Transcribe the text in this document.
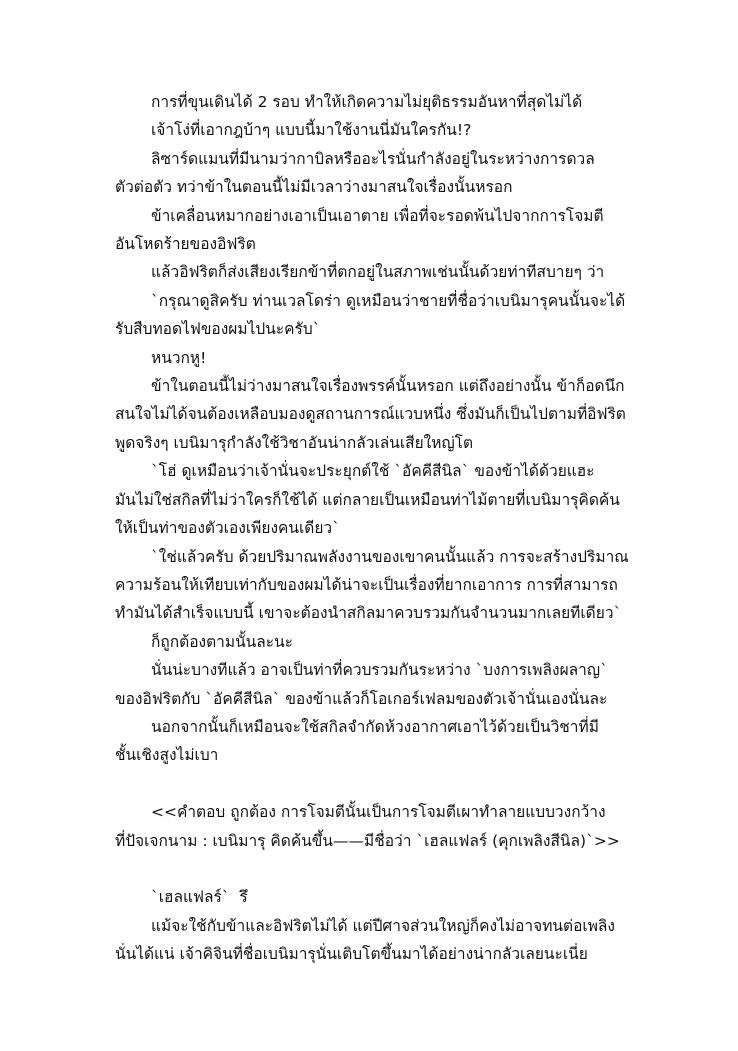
การที่ขุนเดินได้ 2 รอบ ทำให้เกิดความไม่ยุติธรรมอันหาที่สุดไม่ได้

เจ้าโง่ที่เอากฎบ้าๆ แบบนี้มาใช้งานนี่มันใครกัน!?

ลิซาร์ดแมนที่มีนามว่ากาบิลหรืออะไรนั่นกำลังอยู่ในระหว่างการดวล

ตัวต่อตัว ทว่าข้าในตอนนี้ไม่มีเวลาว่างมาสนใจเรื่องนั้นหรอก

ข้าเคลื่อนหมากอย่างเอาเป็นเอาตาย เพื่อที่จะรอดพ้นไปจากการโจมตี

อันโหดร้ายของอิฟริต

แล้วอิฟริตก็ส่งเสียงเรียกข้าที่ตกอยู่ในสภาพเช่นนั้นด้วยท่าทีสบายๆ ว่า

`กรุณาดูสิครับ ท่านเวลโดร่า ดูเหมือนว่าชายที่ชื่อว่าเบนิมารุคนนั้นจะได้

รับสืบทอดไฟของผมไปนะครับ`

หนวกหู!

ข้าในตอนนี้ไม่ว่างมาสนใจเรื่องพรรค์นั้นหรอก แต่ถึงอย่างนั้น ข้าก็อดนึก

สนใจไม่ได้จนต้องเหลือบมองดูสถานการณ์แวบหนึ่ง ซึ่งมันก็เป็นไปตามที่อิฟริต

พูดจริงๆ เบนิมารุกำลังใช้วิชาอันน่ากลัวเล่นเสียใหญ่โต

`โฮ่ ดูเหมือนว่าเจ้านั่นจะประยุกต์ใช้ `อัคคีสีนิล` ของข้าได้ด้วยแฮะ

มันไม่ใช่สกิลที่ไม่ว่าใครก็ใช้ได้ แต่กลายเป็นเหมือนท่าไม้ตายที่เบนิมารุคิดค้น

ให้เป็นท่าของตัวเองเพียงคนเดียว`

`ใช่แล้วครับ ด้วยปริมาณพลังงานของเขาคนนั้นแล้ว การจะสร้างปริมาณ

ความร้อนให้เทียบเท่ากับของผมได้น่าจะเป็นเรื่องที่ยากเอาการ การที่สามารถ

ทำมันได้สำเร็จแบบนี้ เขาจะต้องนำสกิลมาควบรวมกันจำนวนมากเลยทีเดียว`

ก็ถูกต้องตามนั้นละนะ

นั่นน่ะบางทีแล้ว อาจเป็นท่าที่ควบรวมกันระหว่าง `บงการเพลิงผลาญ`

ของอิฟริตกับ `อัคคีสีนิล` ของข้าแล้วก็โอเกอร์เฟลมของตัวเจ้านั่นเองนั่นละ

นอกจากนั้นก็เหมือนจะใช้สกิลจำกัดห้วงอากาศเอาไว้ด้วยเป็นวิชาที่มี

ชั้นเชิงสูงไม่เบา

<<คำตอบ ถูกต้อง การโจมตีนั้นเป็นการโจมตีเผาทำลายแบบวงกว้าง

ที่ปัจเจกนาม : เบนิมารุ คิดค้นขึ้น——มีชื่อว่า `เฮลแฟลร์ (คุกเพลิงสีนิล)`>>

`เฮลแฟลร์`  รึ

แม้จะใช้กับข้าและอิฟริตไม่ได้ แต่ปีศาจส่วนใหญ่ก็คงไม่อาจทนต่อเพลิง

นั่นได้แน่ เจ้าคิจินที่ชื่อเบนิมารุนั่นเติบโตขึ้นมาได้อย่างน่ากลัวเลยนะเนี่ย
